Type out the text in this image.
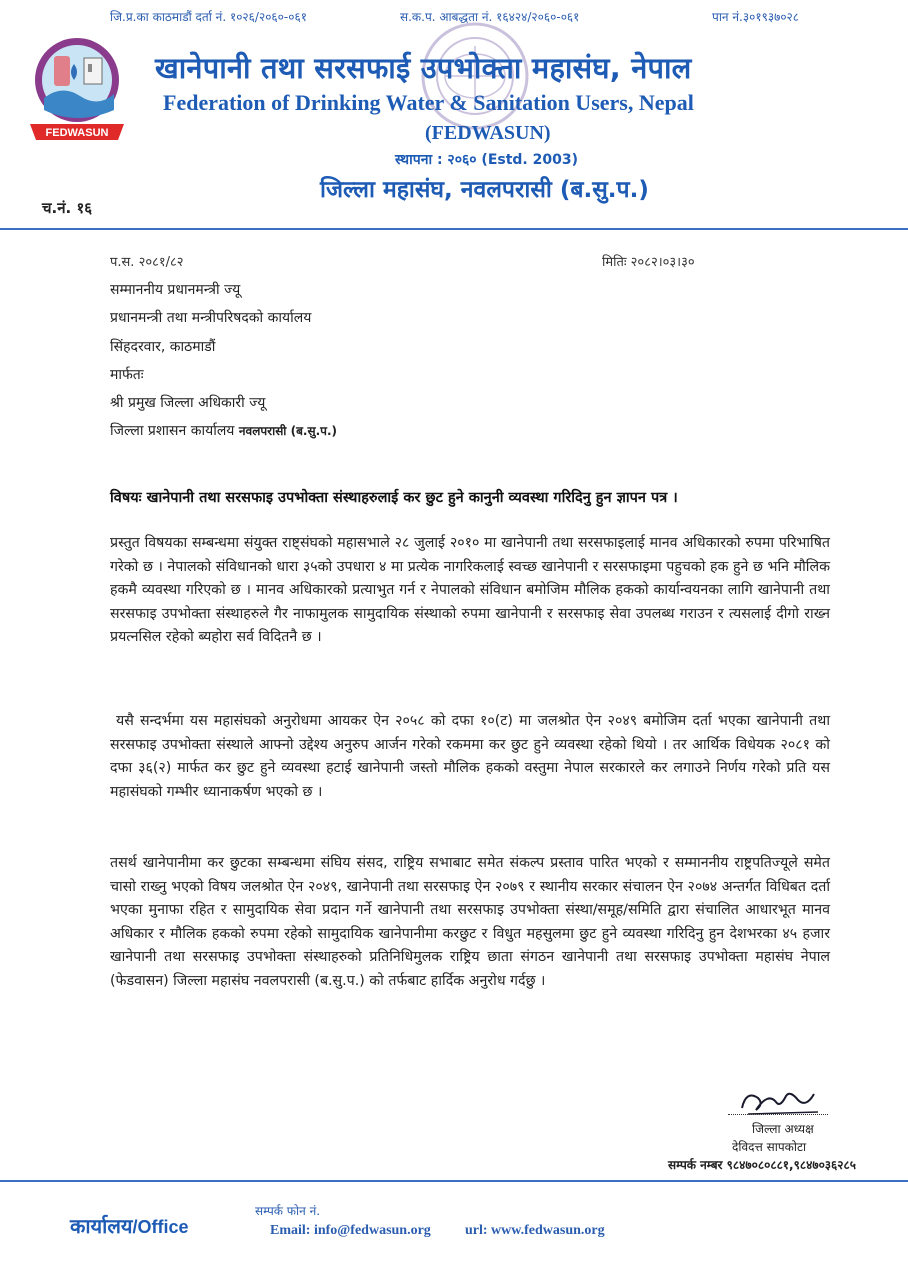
जि.प्र.का काठमाडौं दर्ता नं. १०२६/२०६०-०६१	स.क.प. आबद्धता नं. १६४२४/२०६०-०६१	पान नं.३०१९३७०२८
FEDWASUN
खानेपानी तथा सरसफाई उपभोक्ता महासंघ, नेपाल
Federation of Drinking Water & Sanitation Users, Nepal
(FEDWASUN)
स्थापना : २०६० (Estd. 2003)
जिल्ला महासंघ, नवलपरासी (ब.सु.प.)
च.नं. १६
प.स. २०८१/८२	मितिः २०८२।०३।३०
सम्माननीय प्रधानमन्त्री ज्यू
प्रधानमन्त्री तथा मन्त्रीपरिषदको कार्यालय
सिंहदरवार, काठमाडौं
मार्फतः
श्री प्रमुख जिल्ला अधिकारी ज्यू
जिल्ला प्रशासन कार्यालय नवलपरासी (ब.सु.प.)
विषयः खानेपानी तथा सरसफाइ उपभोक्ता संस्थाहरुलाई कर छुट हुने कानुनी व्यवस्था गरिदिनु हुन ज्ञापन पत्र ।
प्रस्तुत विषयका सम्बन्धमा संयुक्त राष्ट्संघको महासभाले २८ जुलाई २०१० मा खानेपानी तथा सरसफाइलाई मानव अधिकारको रुपमा परिभाषित गरेको छ । नेपालको संविधानको धारा ३५को उपधारा ४ मा प्रत्येक नागरिकलाई स्वच्छ खानेपानी र सरसफाइमा पहुचको हक हुने छ भनि मौलिक हकमै व्यवस्था गरिएको छ । मानव अधिकारको प्रत्याभुत गर्न र नेपालको संविधान बमोजिम मौलिक हकको कार्यान्वयनका लागि खानेपानी तथा सरसफाइ उपभोक्ता संस्थाहरुले गैर नाफामुलक सामुदायिक संस्थाको रुपमा खानेपानी र सरसफाइ सेवा उपलब्ध गराउन र त्यसलाई दीगो राख्न प्रयत्नसिल रहेको ब्यहोरा सर्व विदितनै छ ।
यसै सन्दर्भमा यस महासंघको अनुरोधमा आयकर ऐन २०५८ को दफा १०(ट) मा जलश्रोत ऐन २०४९ बमोजिम दर्ता भएका खानेपानी तथा सरसफाइ उपभोक्ता संस्थाले आफ्नो उद्देश्य अनुरुप आर्जन गरेको रकममा कर छुट हुने व्यवस्था रहेको थियो । तर आर्थिक विधेयक २०८१ को दफा ३६(२) मार्फत कर छुट हुने व्यवस्था हटाई खानेपानी जस्तो मौलिक हकको वस्तुमा नेपाल सरकारले कर लगाउने निर्णय गरेको प्रति यस महासंघको गम्भीर ध्यानाकर्षण भएको छ ।
तसर्थ खानेपानीमा कर छुटका सम्बन्धमा संघिय संसद, राष्ट्रिय सभाबाट समेत संकल्प प्रस्ताव पारित भएको र सम्माननीय राष्ट्रपतिज्यूले समेत चासो राख्नु भएको विषय जलश्रोत ऐन २०४९, खानेपानी तथा सरसफाइ ऐन २०७९ र स्थानीय सरकार संचालन ऐन २०७४ अन्तर्गत विधिबत दर्ता भएका मुनाफा रहित र सामुदायिक सेवा प्रदान गर्ने खानेपानी तथा सरसफाइ उपभोक्ता संस्था/समूह/समिति द्वारा संचालित आधारभूत मानव अधिकार र मौलिक हकको रुपमा रहेको सामुदायिक खानेपानीमा करछुट र विधुत महसुलमा छुट हुने व्यवस्था गरिदिनु हुन देशभरका ४५ हजार खानेपानी तथा सरसफाइ उपभोक्ता संस्थाहरुको प्रतिनिधिमुलक राष्ट्रिय छाता संगठन खानेपानी तथा सरसफाइ उपभोक्ता महासंघ नेपाल (फेडवासन) जिल्ला महासंघ नवलपरासी (ब.सु.प.) को तर्फबाट हार्दिक अनुरोध गर्दछु ।
जिल्ला अध्यक्ष
देविदत्त सापकोटा
सम्पर्क नम्बर ९८४७०८०८८१,९८४७०३६२८५
कार्यालय/Office
सम्पर्क फोन नं.
Email: info@fedwasun.org url: www.fedwasun.org
